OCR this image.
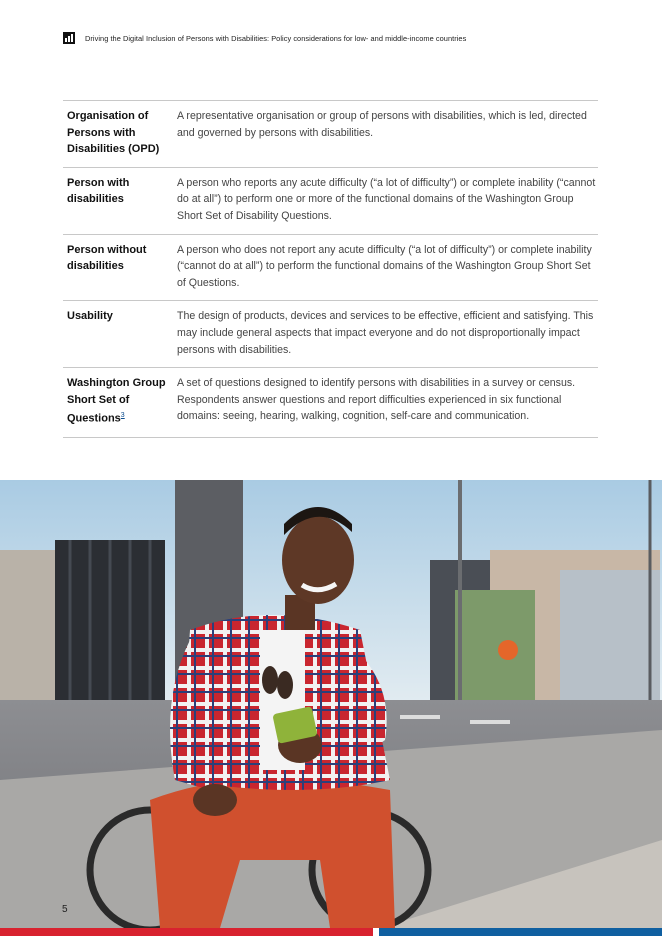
Driving the Digital Inclusion of Persons with Disabilities: Policy considerations for low- and middle-income countries
Organisation of Persons with Disabilities (OPD)
A representative organisation or group of persons with disabilities, which is led, directed and governed by persons with disabilities.
Person with disabilities
A person who reports any acute difficulty (“a lot of difficulty”) or complete inability (“cannot do at all”) to perform one or more of the functional domains of the Washington Group Short Set of Disability Questions.
Person without disabilities
A person who does not report any acute difficulty (“a lot of difficulty”) or complete inability (“cannot do at all”) to perform the functional domains of the Washington Group Short Set of Questions.
Usability	The design of products, devices and services to be effective, efficient and satisfying. This may include general aspects that impact everyone and do not disproportionally impact persons with disabilities.
Washington Group Short Set of Questions$^3$
A set of questions designed to identify persons with disabilities in a survey or census. Respondents answer questions and report difficulties experienced in six functional domains: seeing, hearing, walking, cognition, self-care and communication.
5
